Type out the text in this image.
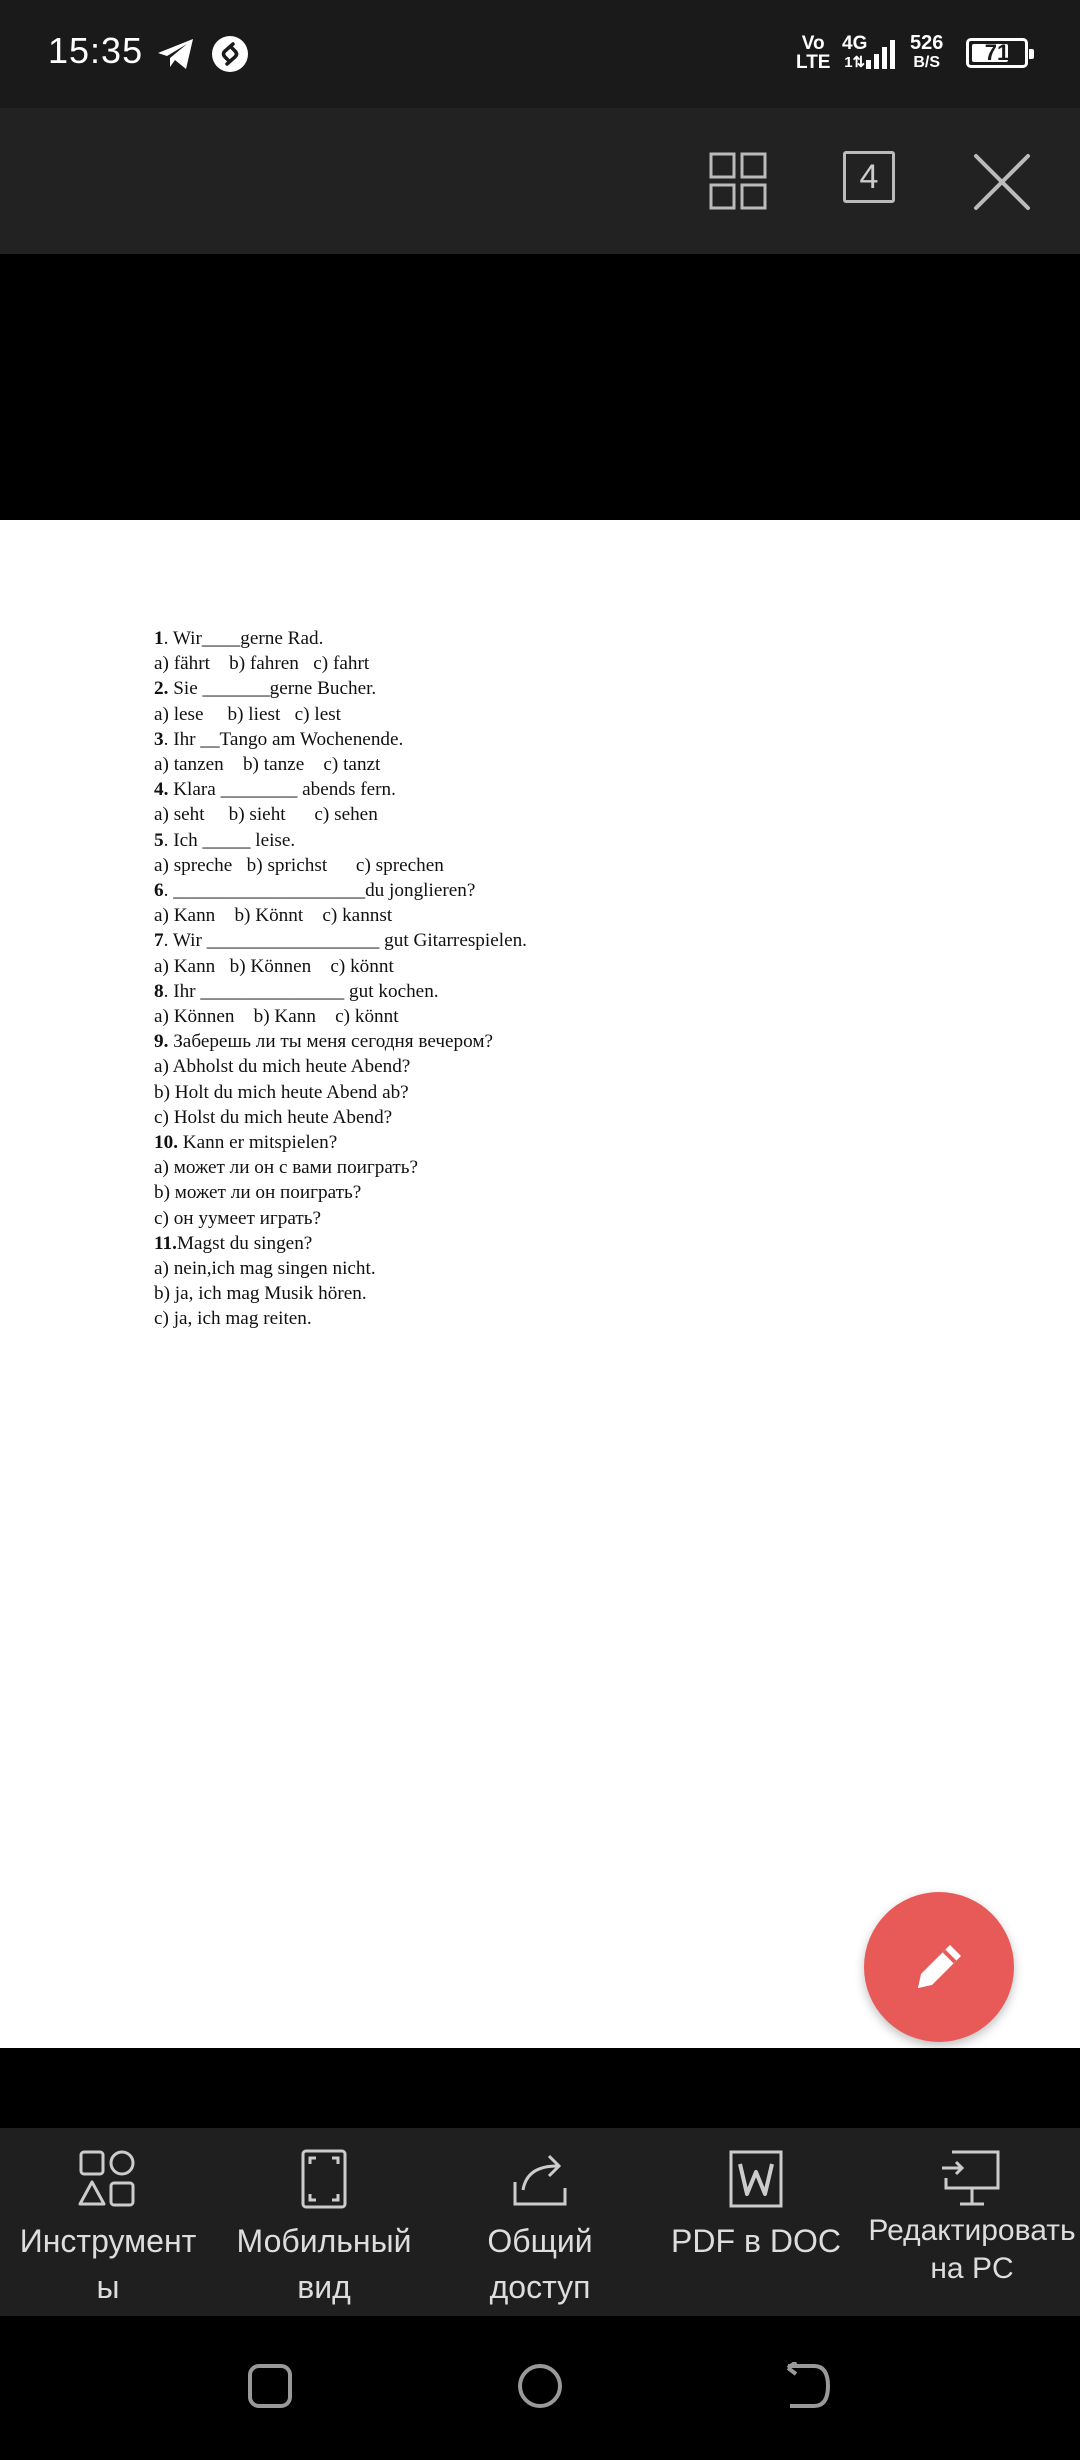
15:35	Vo
LTE
4G
1⇅
526
B/S	71
4
1. Wir____gerne Rad.
a) fährt    b) fahren   c) fahrt
2. Sie _______gerne Bucher.
a) lese     b) liest   c) lest
3. Ihr __Tango am Wochenende.
a) tanzen    b) tanze    c) tanzt
4. Klara ________ abends fern.
a) seht     b) sieht      c) sehen
5. Ich _____ leise.
a) spreche   b) sprichst      c) sprechen
6. ____________________du jonglieren?
a) Kann    b) Könnt    c) kannst
7. Wir __________________ gut Gitarrespielen.
a) Kann   b) Können    c) könnt
8. Ihr _______________ gut kochen.
a) Können    b) Kann    c) könnt
9. Заберешь ли ты меня сегодня вечером?
a) Abholst du mich heute Abend?
b) Holt du mich heute Abend ab?
c) Holst du mich heute Abend?
10. Kann er mitspielen?
a) может ли он с вами поиграть?
b) может ли он поиграть?
c) он уумеет играть?
11.Magst du singen?
a) nein,ich mag singen nicht.
b) ja, ich mag Musik hören.
c) ja, ich mag reiten.
Инструмент
ы
Мобильный
вид
Общий
доступ
PDF в DOC Редактировать
на PC
